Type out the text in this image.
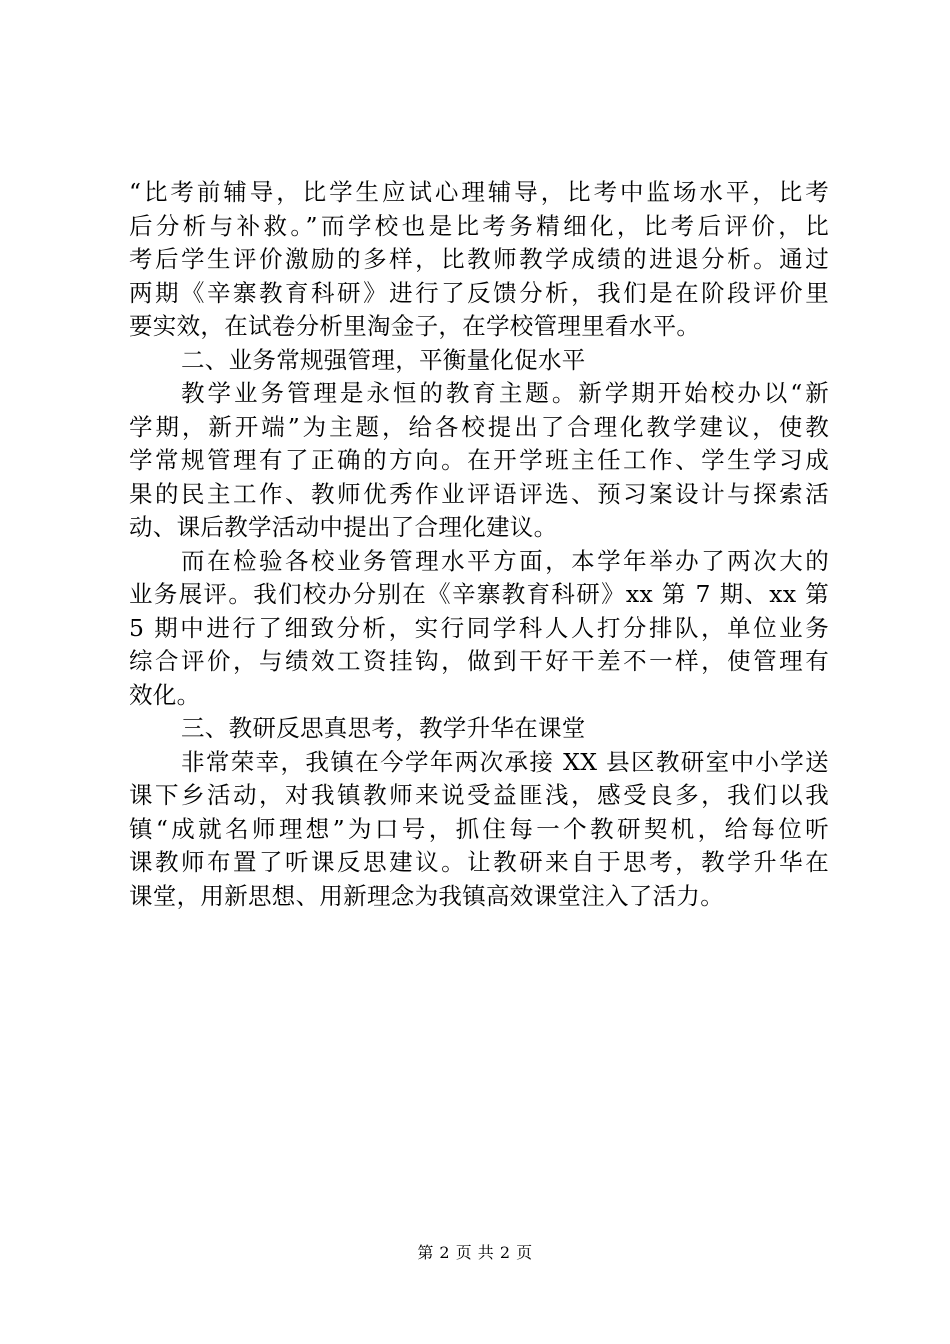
“比考前辅导，比学生应试心理辅导，比考中监场水平，比考
后分析与补救。”而学校也是比考务精细化，比考后评价，比
考后学生评价激励的多样，比教师教学成绩的进退分析。通过
两期《辛寨教育科研》进行了反馈分析，我们是在阶段评价里
要实效，在试卷分析里淘金子，在学校管理里看水平。
二、业务常规强管理，平衡量化促水平
教学业务管理是永恒的教育主题。新学期开始校办以“新
学期，新开端”为主题，给各校提出了合理化教学建议，使教
学常规管理有了正确的方向。在开学班主任工作、学生学习成
果的民主工作、教师优秀作业评语评选、预习案设计与探索活
动、课后教学活动中提出了合理化建议。
而在检验各校业务管理水平方面，本学年举办了两次大的
业务展评。我们校办分别在《辛寨教育科研》xx 第 7 期、xx 第
5 期中进行了细致分析，实行同学科人人打分排队，单位业务
综合评价，与绩效工资挂钩，做到干好干差不一样，使管理有
效化。
三、教研反思真思考，教学升华在课堂
非常荣幸，我镇在今学年两次承接 XX 县区教研室中小学送
课下乡活动，对我镇教师来说受益匪浅，感受良多，我们以我
镇“成就名师理想”为口号，抓住每一个教研契机，给每位听
课教师布置了听课反思建议。让教研来自于思考，教学升华在
课堂，用新思想、用新理念为我镇高效课堂注入了活力。
第 2 页 共 2 页
